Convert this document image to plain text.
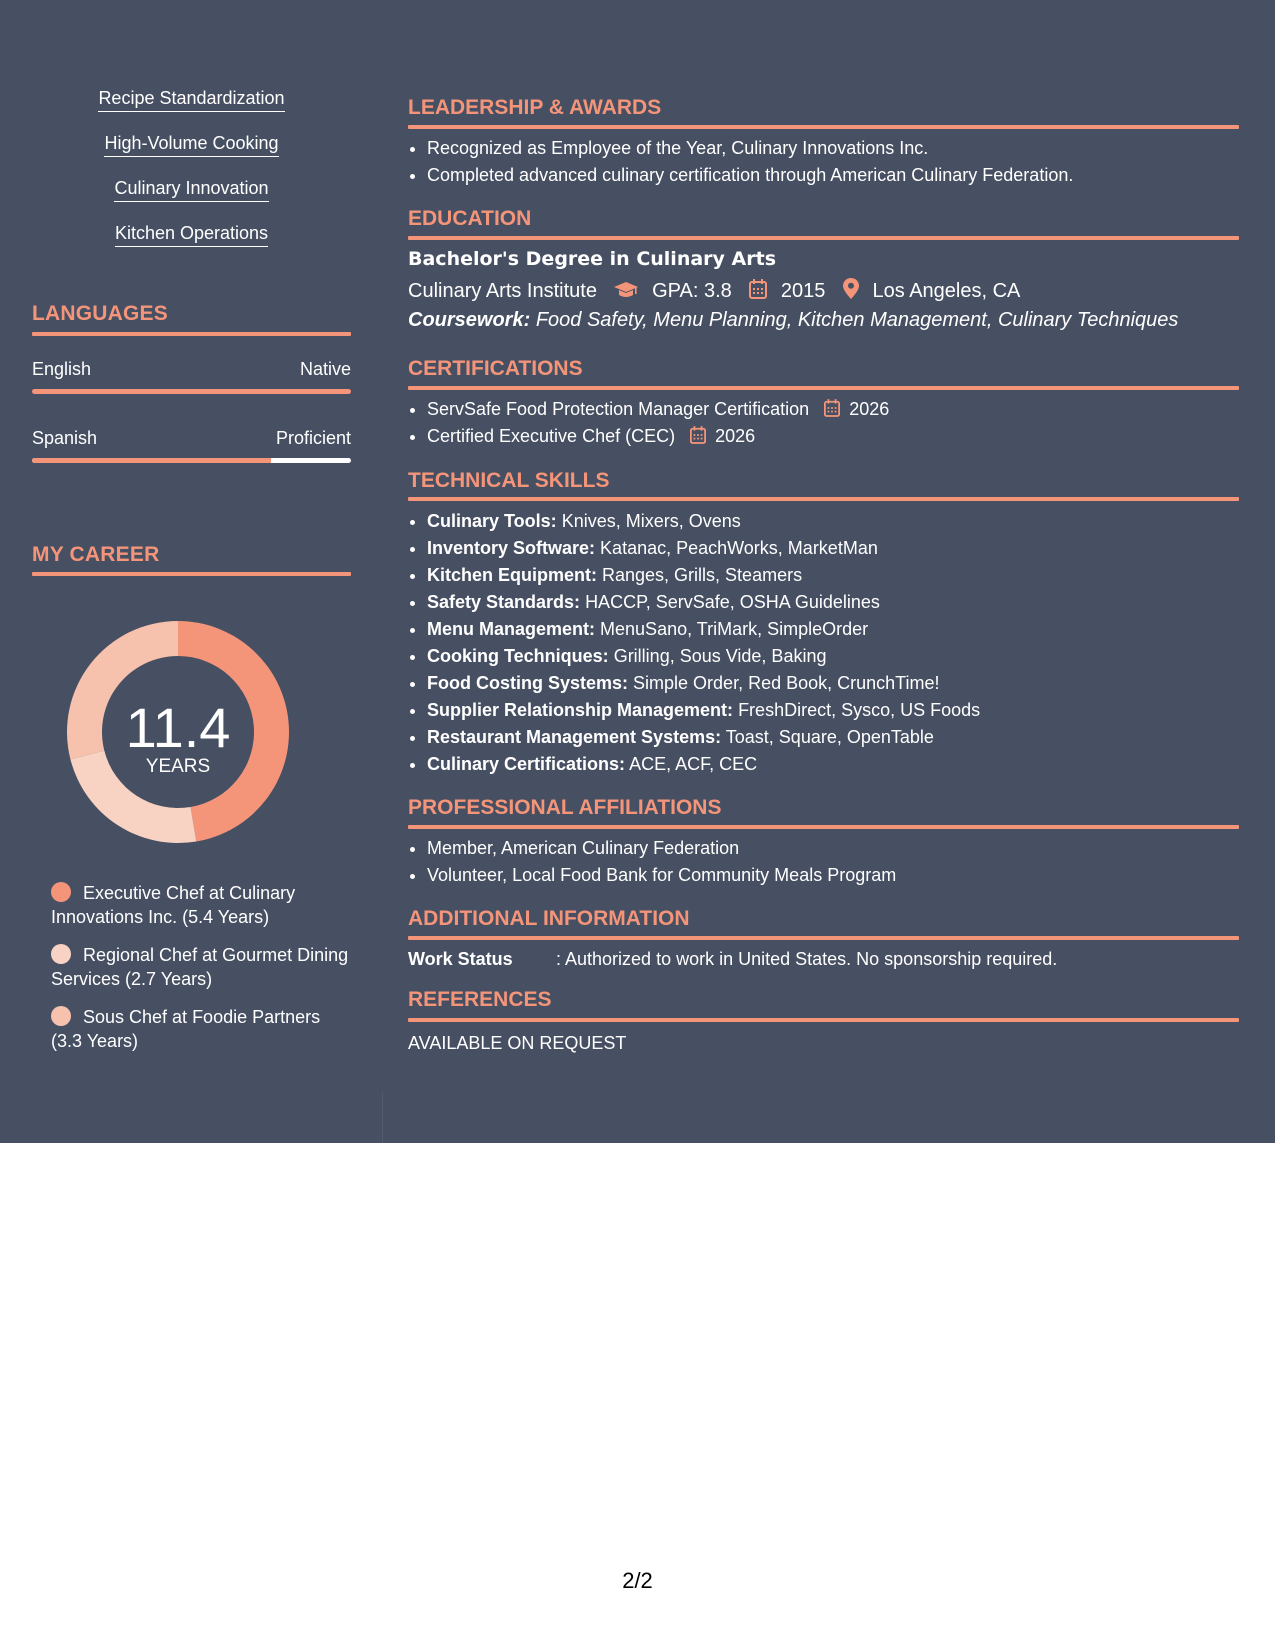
Recipe Standardization
High-Volume Cooking
Culinary Innovation
Kitchen Operations
LANGUAGES
English	Native
Spanish	Proficient
MY CAREER
11.4
YEARS
Executive Chef at Culinary Innovations Inc. (5.4 Years)
Regional Chef at Gourmet Dining Services (2.7 Years)
Sous Chef at Foodie Partners (3.3 Years)
LEADERSHIP & AWARDS
• Recognized as Employee of the Year, Culinary Innovations Inc.
• Completed advanced culinary certification through American Culinary Federation.
EDUCATION
Bachelor's Degree in Culinary Arts
Culinary Arts Institute	GPA: 3.8 2015 Los Angeles, CA
Coursework: Food Safety, Menu Planning, Kitchen Management, Culinary Techniques
CERTIFICATIONS
• ServSafe Food Protection Manager Certification 2026
• Certified Executive Chef (CEC) 2026
TECHNICAL SKILLS
• Culinary Tools: Knives, Mixers, Ovens
• Inventory Software: Katanac, PeachWorks, MarketMan
• Kitchen Equipment: Ranges, Grills, Steamers
• Safety Standards: HACCP, ServSafe, OSHA Guidelines
• Menu Management: MenuSano, TriMark, SimpleOrder
• Cooking Techniques: Grilling, Sous Vide, Baking
• Food Costing Systems: Simple Order, Red Book, CrunchTime!
• Supplier Relationship Management: FreshDirect, Sysco, US Foods
• Restaurant Management Systems: Toast, Square, OpenTable
• Culinary Certifications: ACE, ACF, CEC
PROFESSIONAL AFFILIATIONS
• Member, American Culinary Federation
• Volunteer, Local Food Bank for Community Meals Program
ADDITIONAL INFORMATION
Work Status : Authorized to work in United States. No sponsorship required.
REFERENCES
AVAILABLE ON REQUEST
2/2
